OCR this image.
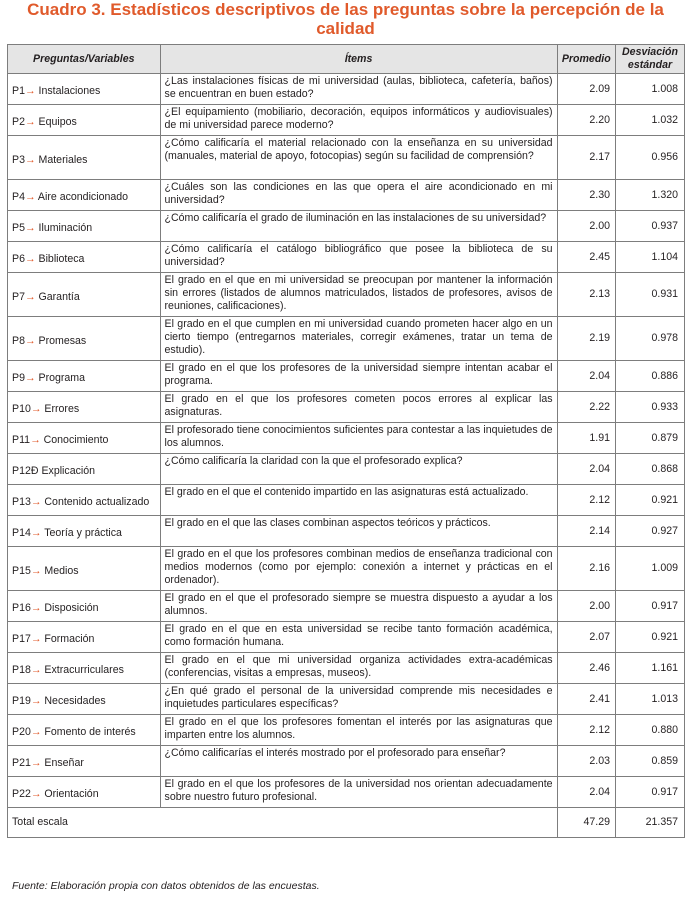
Cuadro 3. Estadísticos descriptivos de las preguntas sobre la percepción de la calidad
Preguntas/Variables	Ítems	Promedio	Desviación estándar
P1→ Instalaciones	¿Las instalaciones físicas de mi universidad (aulas, biblioteca, cafetería, baños) se encuentran en buen estado?	2.09	1.008
P2→ Equipos	¿El equipamiento (mobiliario, decoración, equipos informáticos y audiovisuales) de mi universidad parece moderno?	2.20	1.032
P3→ Materiales	¿Cómo calificaría el material relacionado con la enseñanza en su universidad (manuales, material de apoyo, fotocopias) según su facilidad de comprensión?	2.17	0.956
P4→ Aire acondicionado	¿Cuáles son las condiciones en las que opera el aire acondicionado en mi universidad?	2.30	1.320
P5→ Iluminación	¿Cómo calificaría el grado de iluminación en las instalaciones de su universidad?	2.00	0.937
P6→ Biblioteca	¿Cómo calificaría el catálogo bibliográfico que posee la biblioteca de su universidad?	2.45	1.104
P7→ Garantía	El grado en el que en mi universidad se preocupan por mantener la información sin errores (listados de alumnos matriculados, listados de profesores, avisos de reuniones, calificaciones).	2.13	0.931
P8→ Promesas	El grado en el que cumplen en mi universidad cuando prometen hacer algo en un cierto tiempo (entregarnos materiales, corregir exámenes, tratar un tema de estudio).	2.19	0.978
P9→ Programa	El grado en el que los profesores de la universidad siempre intentan acabar el programa.	2.04	0.886
P10→ Errores	El grado en el que los profesores cometen pocos errores al explicar las asignaturas.	2.22	0.933
P11→ Conocimiento	El profesorado tiene conocimientos suficientes para contestar a las inquietudes de los alumnos.	1.91	0.879
P12Ð Explicación	¿Cómo calificaría la claridad con la que el profesorado explica?	2.04	0.868
P13→ Contenido actualizado	El grado en el que el contenido impartido en las asignaturas está actualizado.	2.12	0.921
P14→ Teoría y práctica	El grado en el que las clases combinan aspectos teóricos y prácticos.	2.14	0.927
P15→ Medios	El grado en el que los profesores combinan medios de enseñanza tradicional con medios modernos (como por ejemplo: conexión a internet y prácticas en el ordenador).	2.16	1.009
P16→ Disposición	El grado en el que el profesorado siempre se muestra dispuesto a ayudar a los alumnos.	2.00	0.917
P17→ Formación	El grado en el que en esta universidad se recibe tanto formación académica, como formación humana.	2.07	0.921
P18→ Extracurriculares	El grado en el que mi universidad organiza actividades extra-académicas (conferencias, visitas a empresas, museos).	2.46	1.161
P19→ Necesidades	¿En qué grado el personal de la universidad comprende mis necesidades e inquietudes particulares específicas?	2.41	1.013
P20→ Fomento de interés	El grado en el que los profesores fomentan el interés por las asignaturas que imparten entre los alumnos.	2.12	0.880
P21→ Enseñar	¿Cómo calificarías el interés mostrado por el profesorado para enseñar?	2.03	0.859
P22→ Orientación	El grado en el que los profesores de la universidad nos orientan adecuadamente sobre nuestro futuro profesional.	2.04	0.917
Total escala		47.29	21.357
Fuente: Elaboración propia con datos obtenidos de las encuestas.
